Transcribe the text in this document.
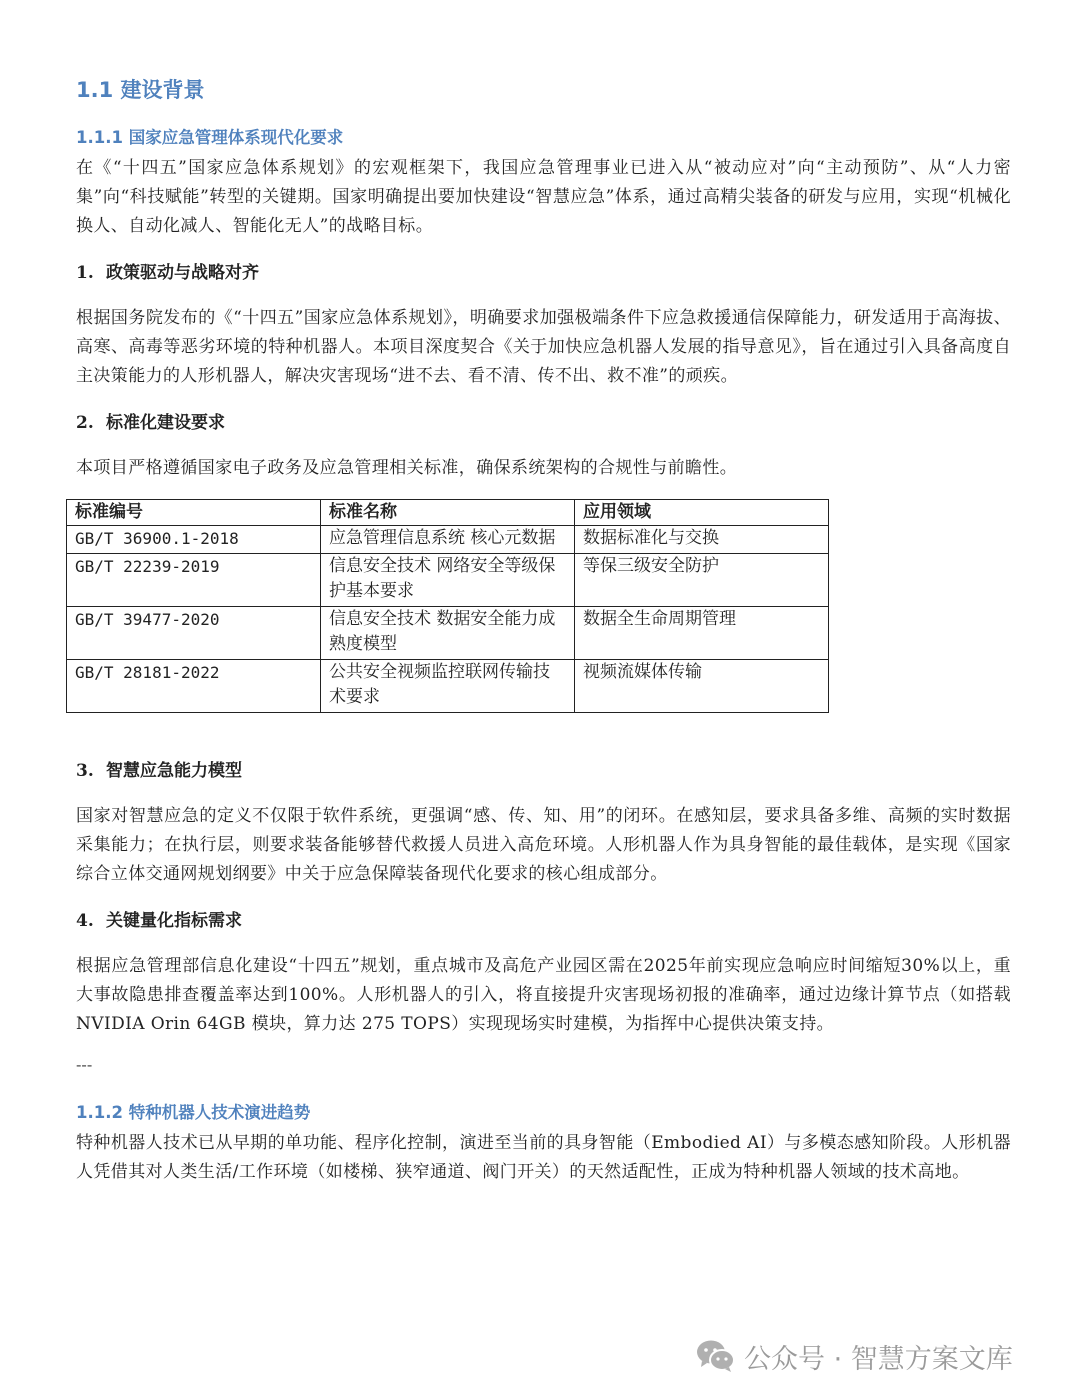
1.1 建设背景
1.1.1 国家应急管理体系现代化要求

在《“十四五”国家应急体系规划》的宏观框架下，我国应急管理事业已进入从“被动应对”向“主动预防”、从“人力密集”向“科技赋能”转型的关键期。国家明确提出要加快建设“智慧应急”体系，通过高精尖装备的研发与应用，实现“机械化换人、自动化减人、智能化无人”的战略目标。

1. 政策驱动与战略对齐

根据国务院发布的《“十四五”国家应急体系规划》，明确要求加强极端条件下应急救援通信保障能力，研发适用于高海拔、高寒、高毒等恶劣环境的特种机器人。本项目深度契合《关于加快应急机器人发展的指导意见》，旨在通过引入具备高度自主决策能力的人形机器人，解决灾害现场“进不去、看不清、传不出、救不准”的顽疾。

2. 标准化建设要求

本项目严格遵循国家电子政务及应急管理相关标准，确保系统架构的合规性与前瞻性。

标准编号	标准名称	应用领域
GB/T 36900.1-2018	应急管理信息系统 核心元数据	数据标准化与交换
GB/T 22239-2019	信息安全技术 网络安全等级保护基本要求	等保三级安全防护
GB/T 39477-2020	信息安全技术 数据安全能力成熟度模型	数据全生命周期管理
GB/T 28181-2022	公共安全视频监控联网传输技术要求	视频流媒体传输
3. 智慧应急能力模型

国家对智慧应急的定义不仅限于软件系统，更强调“感、传、知、用”的闭环。在感知层，要求具备多维、高频的实时数据采集能力；在执行层，则要求装备能够替代救援人员进入高危环境。人形机器人作为具身智能的最佳载体，是实现《国家综合立体交通网规划纲要》中关于应急保障装备现代化要求的核心组成部分。

4. 关键量化指标需求

根据应急管理部信息化建设“十四五”规划，重点城市及高危产业园区需在2025年前实现应急响应时间缩短30%以上，重大事故隐患排查覆盖率达到100%。人形机器人的引入，将直接提升灾害现场初报的准确率，通过边缘计算节点（如搭载 NVIDIA Orin 64GB 模块，算力达 275 TOPS）实现现场实时建模，为指挥中心提供决策支持。

---
1.1.2 特种机器人技术演进趋势

特种机器人技术已从早期的单功能、程序化控制，演进至当前的具身智能（Embodied AI）与多模态感知阶段。人形机器人凭借其对人类生活/工作环境（如楼梯、狭窄通道、阀门开关）的天然适配性，正成为特种机器人领域的技术高地。

公众号 · 智慧方案文库
